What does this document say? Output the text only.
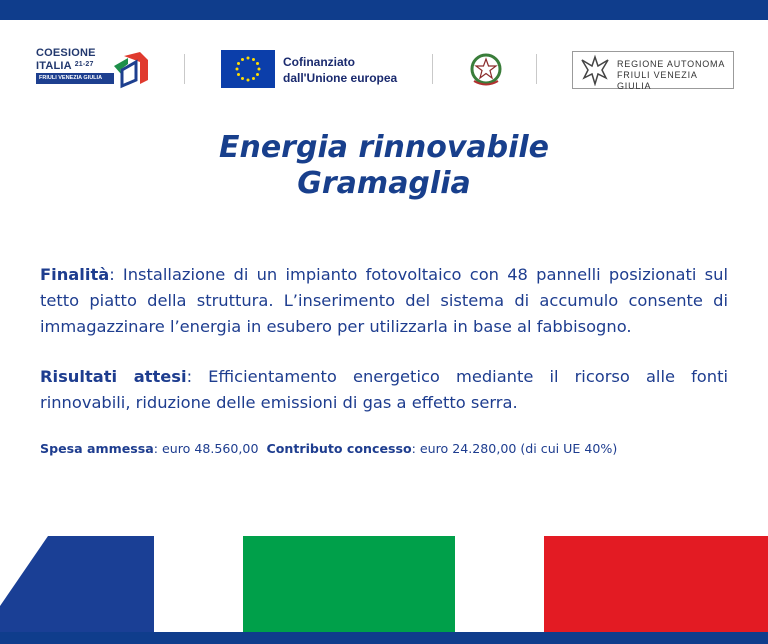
COESIONE
ITALIA $^{21-27}$
FRIULI VENEZIA GIULIA
Cofinanziato
dall'Unione europea
REGIONE AUTONOMA
FRIULI VENEZIA GIULIA
Energia rinnovabile
Gramaglia
Finalità: Installazione di un impianto fotovoltaico con 48 pannelli posizionati sul tetto piatto della struttura. L’inserimento del sistema di accumulo consente di immagazzinare l’energia in esubero per utilizzarla in base al fabbisogno.
Risultati attesi: Efficientamento energetico mediante il ricorso alle fonti rinnovabili, riduzione delle emissioni di gas a effetto serra.
Spesa ammessa: euro 48.560,00 Contributo concesso: euro 24.280,00 (di cui UE 40%)
